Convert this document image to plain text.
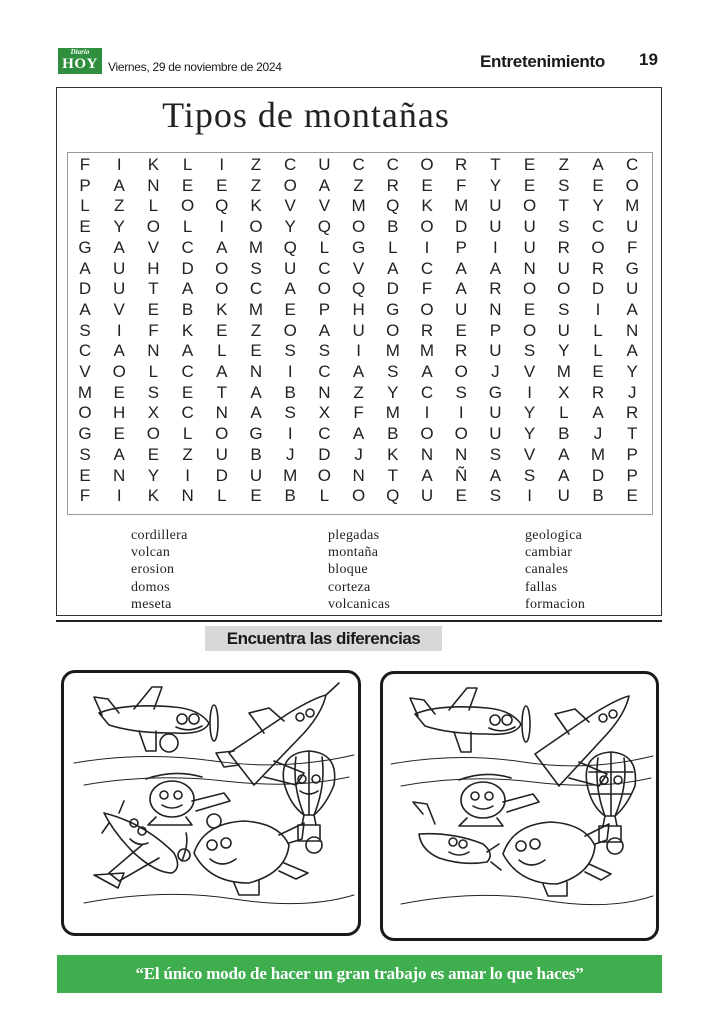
Diario
HOY Viernes, 29 de noviembre de 2024	Entretenimiento 19
Tipos de montañas
F	I	K	L	I	Z	C	U	C	C	O	R	T	E	Z	A	C
P	A	N	E	E	Z	O	A	Z	R	E	F	Y	E	S	E	O
L	Z	L	O	Q	K	V	V	M	Q	K	M	U	O	T	Y	M
E	Y	O	L	I	O	Y	Q	O	B	O	D	U	U	S	C	U
G	A	V	C	A	M	Q	L	G	L	I	P	I	U	R	O	F
A	U	H	D	O	S	U	C	V	A	C	A	A	N	U	R	G
D	U	T	A	O	C	A	O	Q	D	F	A	R	O	O	D	U
A	V	E	B	K	M	E	P	H	G	O	U	N	E	S	I	A
S	I	F	K	E	Z	O	A	U	O	R	E	P	O	U	L	N
C	A	N	A	L	E	S	S	I	M	M	R	U	S	Y	L	A
V	O	L	C	A	N	I	C	A	S	A	O	J	V	M	E	Y
M	E	S	E	T	A	B	N	Z	Y	C	S	G	I	X	R	J
O	H	X	C	N	A	S	X	F	M	I	I	U	Y	L	A	R
G	E	O	L	O	G	I	C	A	B	O	O	U	Y	B	J	T
S	A	E	Z	U	B	J	D	J	K	N	N	S	V	A	M	P
E	N	Y	I	D	U	M	O	N	T	A	Ñ	A	S	A	D	P
F	I	K	N	L	E	B	L	O	Q	U	E	S	I	U	B	E
cordillera
volcan
erosion
domos
meseta
plegadas
montaña
bloque
corteza
volcanicas
geologica
cambiar
canales
fallas
formacion
Encuentra las diferencias
“El único modo de hacer un gran trabajo es amar lo que haces”
